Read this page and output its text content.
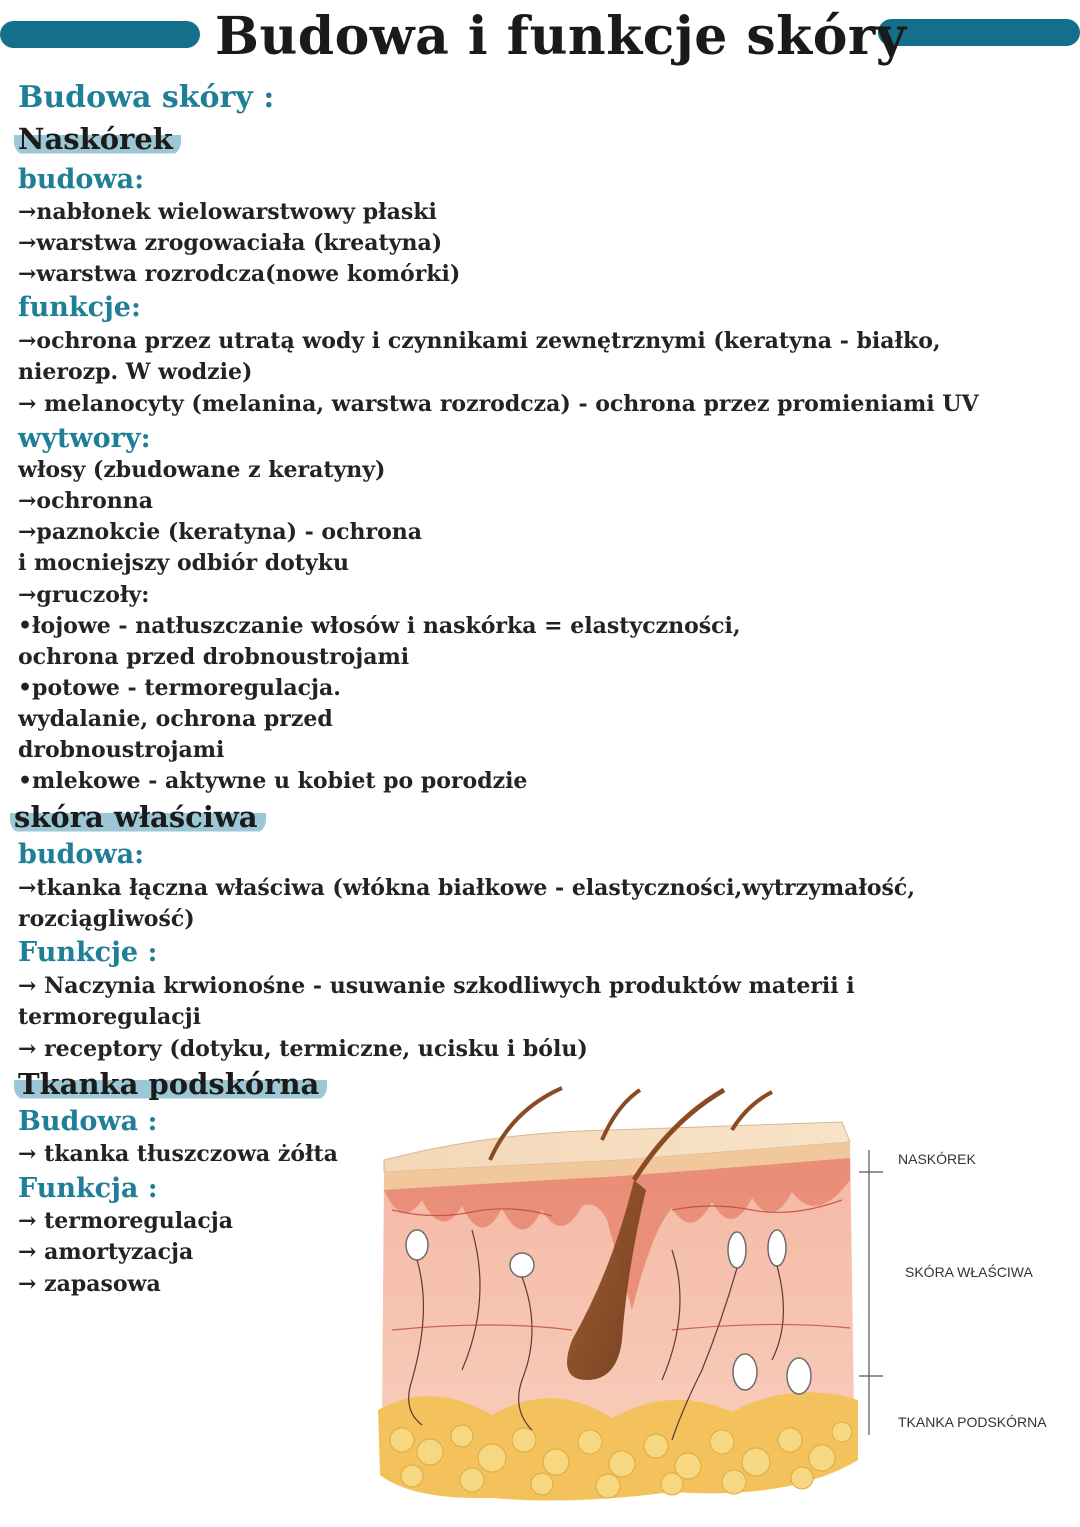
Budowa i funkcje skóry
Budowa skóry :
Naskórek
budowa:
→nabłonek wielowarstwowy płaski
→warstwa zrogowaciała (kreatyna)
→warstwa rozrodcza(nowe komórki)
funkcje:
→ochrona przez utratą wody i czynnikami zewnętrznymi (keratyna - białko,
nierozp. W wodzie)
→ melanocyty (melanina, warstwa rozrodcza) - ochrona przez promieniami UV
wytwory:
włosy (zbudowane z keratyny)
→ochronna
→paznokcie (keratyna) - ochrona
i mocniejszy odbiór dotyku
→gruczoły:
•łojowe - natłuszczanie włosów i naskórka = elastyczności,
ochrona przed drobnoustrojami
•potowe - termoregulacja.
wydalanie, ochrona przed
drobnoustrojami
•mlekowe - aktywne u kobiet po porodzie
skóra właściwa
budowa:
→tkanka łączna właściwa (włókna białkowe - elastyczności,wytrzymałość,
rozciągliwość)
Funkcje :
→ Naczynia krwionośne - usuwanie szkodliwych produktów materii i
termoregulacji
→ receptory (dotyku, termiczne, ucisku i bólu)
Tkanka podskórna
Budowa :
→ tkanka tłuszczowa żółta
Funkcja :
→ termoregulacja
→ amortyzacja
→ zapasowa
NASKÓREK
SKÓRA WŁAŚCIWA
TKANKA PODSKÓRNA
